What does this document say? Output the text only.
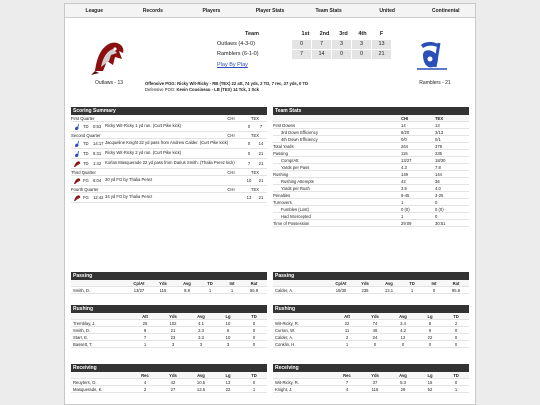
League	Records	Players	Player Stats	Team Stats	United	Continental
Outlaws - 13
Team	1st	2nd	3rd	4th	F
Outlaws (4-3-0)	0	7	3	3	13
Ramblers (6-1-0)	7	14	0	0	21
Play By Play
Offensive POG: Ricky Wit-Ricky - RB (TEX) 22 att, 74 yds, 2 TD, 7 rec, 37 yds, 0 TD
Defensive POG: Kevin Cousineau - LB (TEX) 14 Tck, 1 Sck
Ramblers - 21
Scoring Summary
First Quarter	CHI	TEX
TD	0:53 Ricky Wit-Ricky 1 yd run. (Curt Pike kick)	0	7
Second Quarter	CHI	TEX
TD	14:17 Jacqueline Knight 22 yd pass from Andrew Calder. (Curt Pike kick)	0	14
TD	5:31 Ricky Wit-Ricky 2 yd run. (Curt Pike kick)	0	21
TD	1:42 Korlan Masquerade 22 yd pass from Darius Smith. (Thalia Perez kick)	7	21
Third Quarter	CHI	TEX
FG 6:04 30 yd FG by Thalia Perez	10	21
Fourth Quarter	CHI	TEX
FG 12:42 34 yd FG by Thalia Perez	13	21
Team Stats
CHI	TEX
First Downs	14	13
3rd Down Efficiency	8/20	3/13
4th Down Efficiency	0/0	0/1
Total Yards	264	379
Passing	115	235
Comp/Att	13/27	18/30
Yards per Pass	4.3	7.8
Rushing	149	144
Rushing Attempts	42	36
Yards per Rush	3.5	4.0
Penalties	9-45	3-25
Turnovers	1	0
Fumbles (Lost)	0 (0)	0 (0)
Had Intercepted	1	0
Time of Possession	29:09	30:51
Passing
Cp/At	Yds	Avg	TD	Int	Rat
Smith, D.	13/27	115	8.8	1	1	56.9
Passing
Cp/At	Yds	Avg	TD	Int	Rat
Calder, A.	18/30	235	13.1	1	0	95.8
Rushing
Att	Yds	Avg	Lg	TD
Tremblay, J.	25	102	4.1	10	0
Smith, D.	9	21	2.3	6	0
Starr, E.	7	23	3.3	10	0
Bassett, T.	1	3	3	3	0
Rushing
Att	Yds	Avg	Lg	TD
Wit-Ricky, R.	22	74	3.4	8	2
Curran, W.	11	46	4.2	9	0
Calder, A.	2	24	12	22	0
Conklin, H.	1	0	0	0	0
Receiving
Rec	Yds	Avg	Lg	TD
Reuyters, O.	4	42	10.5	13	0
Masquerade, K.	2	27	13.5	22	1
Receiving
Rec	Yds	Avg	Lg	TD
Wit-Ricky, R.	7	37	5.3	15	0
Knight, J.	4	116	29	52	1
